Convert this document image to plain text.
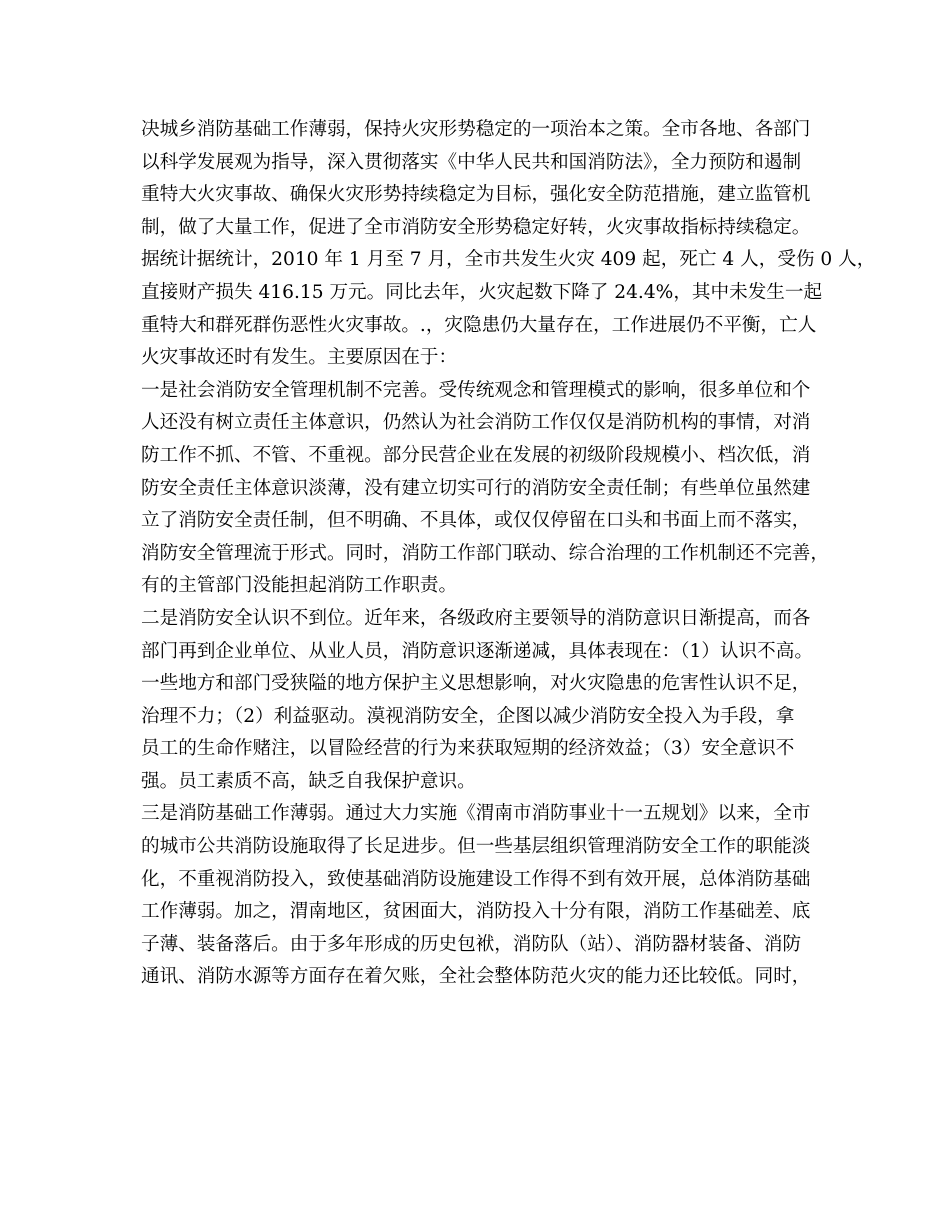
决城乡消防基础工作薄弱，保持火灾形势稳定的一项治本之策。全市各地、各部门
以科学发展观为指导，深入贯彻落实《中华人民共和国消防法》，全力预防和遏制
重特大火灾事故、确保火灾形势持续稳定为目标，强化安全防范措施，建立监管机
制，做了大量工作，促进了全市消防安全形势稳定好转，火灾事故指标持续稳定。
据统计据统计，2010 年 1 月至 7 月，全市共发生火灾 409 起，死亡 4 人，受伤 0 人，
直接财产损失 416.15 万元。同比去年，火灾起数下降了 24.4%，其中未发生一起
重特大和群死群伤恶性火灾事故。.，灾隐患仍大量存在，工作进展仍不平衡，亡人
火灾事故还时有发生。主要原因在于：
一是社会消防安全管理机制不完善。受传统观念和管理模式的影响，很多单位和个
人还没有树立责任主体意识，仍然认为社会消防工作仅仅是消防机构的事情，对消
防工作不抓、不管、不重视。部分民营企业在发展的初级阶段规模小、档次低，消
防安全责任主体意识淡薄，没有建立切实可行的消防安全责任制；有些单位虽然建
立了消防安全责任制，但不明确、不具体，或仅仅停留在口头和书面上而不落实，
消防安全管理流于形式。同时，消防工作部门联动、综合治理的工作机制还不完善，
有的主管部门没能担起消防工作职责。
二是消防安全认识不到位。近年来，各级政府主要领导的消防意识日渐提高，而各
部门再到企业单位、从业人员，消防意识逐渐递减，具体表现在：（1）认识不高。
一些地方和部门受狭隘的地方保护主义思想影响，对火灾隐患的危害性认识不足，
治理不力；（2）利益驱动。漠视消防安全，企图以减少消防安全投入为手段，拿
员工的生命作赌注，以冒险经营的行为来获取短期的经济效益；（3）安全意识不
强。员工素质不高，缺乏自我保护意识。
三是消防基础工作薄弱。通过大力实施《渭南市消防事业十一五规划》以来，全市
的城市公共消防设施取得了长足进步。但一些基层组织管理消防安全工作的职能淡
化，不重视消防投入，致使基础消防设施建设工作得不到有效开展，总体消防基础
工作薄弱。加之，渭南地区，贫困面大，消防投入十分有限，消防工作基础差、底
子薄、装备落后。由于多年形成的历史包袱，消防队（站）、消防器材装备、消防
通讯、消防水源等方面存在着欠账，全社会整体防范火灾的能力还比较低。同时，
